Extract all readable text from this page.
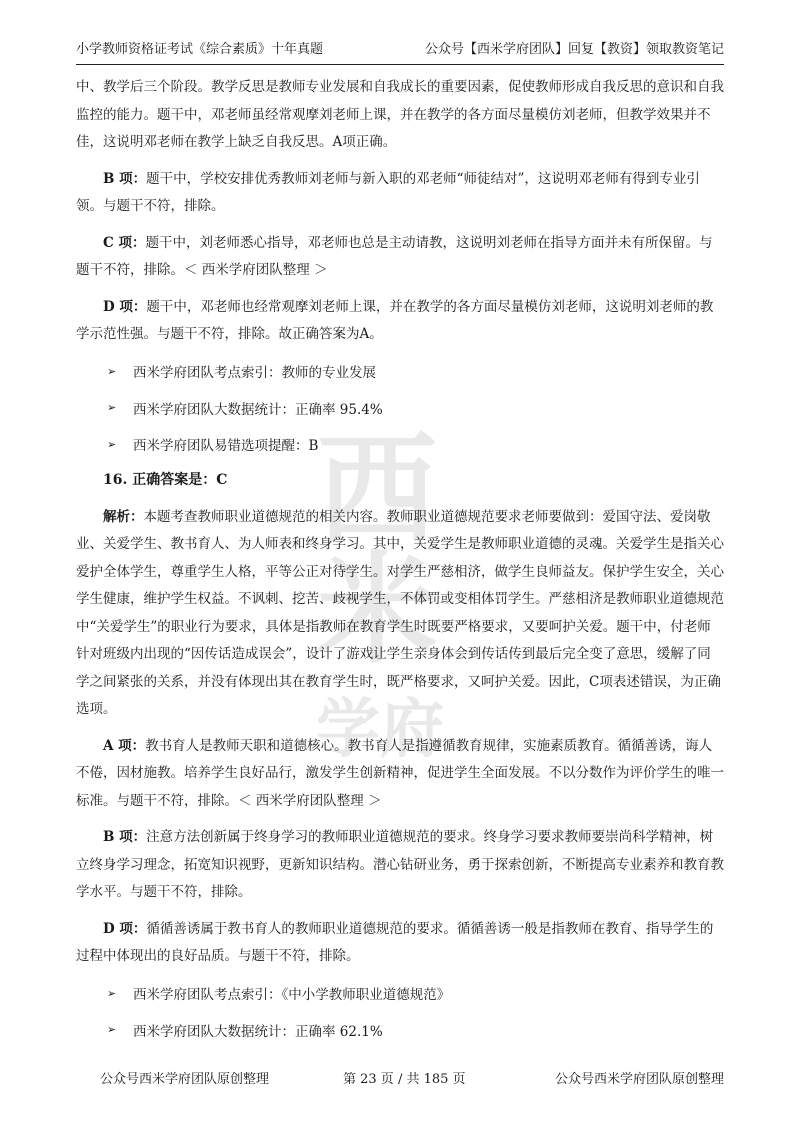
小学教师资格证考试《综合素质》十年真题	公众号【西米学府团队】回复【教资】领取教资笔记
西米
学府

中、教学后三个阶段。教学反思是教师专业发展和自我成长的重要因素，促使教师形成自我反思的意识和自我监控的能力。题干中，邓老师虽经常观摩刘老师上课，并在教学的各方面尽量模仿刘老师，但教学效果并不佳，这说明邓老师在教学上缺乏自我反思。A项正确。

B 项：题干中，学校安排优秀教师刘老师与新入职的邓老师“师徒结对”，这说明邓老师有得到专业引领。与题干不符，排除。

C 项：题干中，刘老师悉心指导，邓老师也总是主动请教，这说明刘老师在指导方面并未有所保留。与题干不符，排除。＜ 西米学府团队整理 ＞

D 项：题干中，邓老师也经常观摩刘老师上课，并在教学的各方面尽量模仿刘老师，这说明刘老师的教学示范性强。与题干不符，排除。故正确答案为A。

➢	西米学府团队考点索引：教师的专业发展
➢	西米学府团队大数据统计：正确率 95.4%
➢	西米学府团队易错选项提醒：B
16. 正确答案是：C

解析：本题考查教师职业道德规范的相关内容。教师职业道德规范要求老师要做到：爱国守法、爱岗敬业、关爱学生、教书育人、为人师表和终身学习。其中，关爱学生是教师职业道德的灵魂。关爱学生是指关心爱护全体学生，尊重学生人格，平等公正对待学生。对学生严慈相济，做学生良师益友。保护学生安全，关心学生健康，维护学生权益。不讽刺、挖苦、歧视学生，不体罚或变相体罚学生。严慈相济是教师职业道德规范中“关爱学生”的职业行为要求，具体是指教师在教育学生时既要严格要求，又要呵护关爱。题干中，付老师针对班级内出现的“因传话造成误会”，设计了游戏让学生亲身体会到传话传到最后完全变了意思，缓解了同学之间紧张的关系，并没有体现出其在教育学生时，既严格要求，又呵护关爱。因此，C项表述错误，为正确选项。

A 项：教书育人是教师天职和道德核心。教书育人是指遵循教育规律，实施素质教育。循循善诱，诲人不倦，因材施教。培养学生良好品行，激发学生创新精神，促进学生全面发展。不以分数作为评价学生的唯一标准。与题干不符，排除。＜ 西米学府团队整理 ＞

B 项：注意方法创新属于终身学习的教师职业道德规范的要求。终身学习要求教师要崇尚科学精神，树立终身学习理念，拓宽知识视野，更新知识结构。潜心钻研业务，勇于探索创新，不断提高专业素养和教育教学水平。与题干不符，排除。

D 项：循循善诱属于教书育人的教师职业道德规范的要求。循循善诱一般是指教师在教育、指导学生的过程中体现出的良好品质。与题干不符，排除。

➢	西米学府团队考点索引：《中小学教师职业道德规范》
➢	西米学府团队大数据统计：正确率 62.1%
公众号西米学府团队原创整理	第 23 页 / 共 185 页	公众号西米学府团队原创整理
